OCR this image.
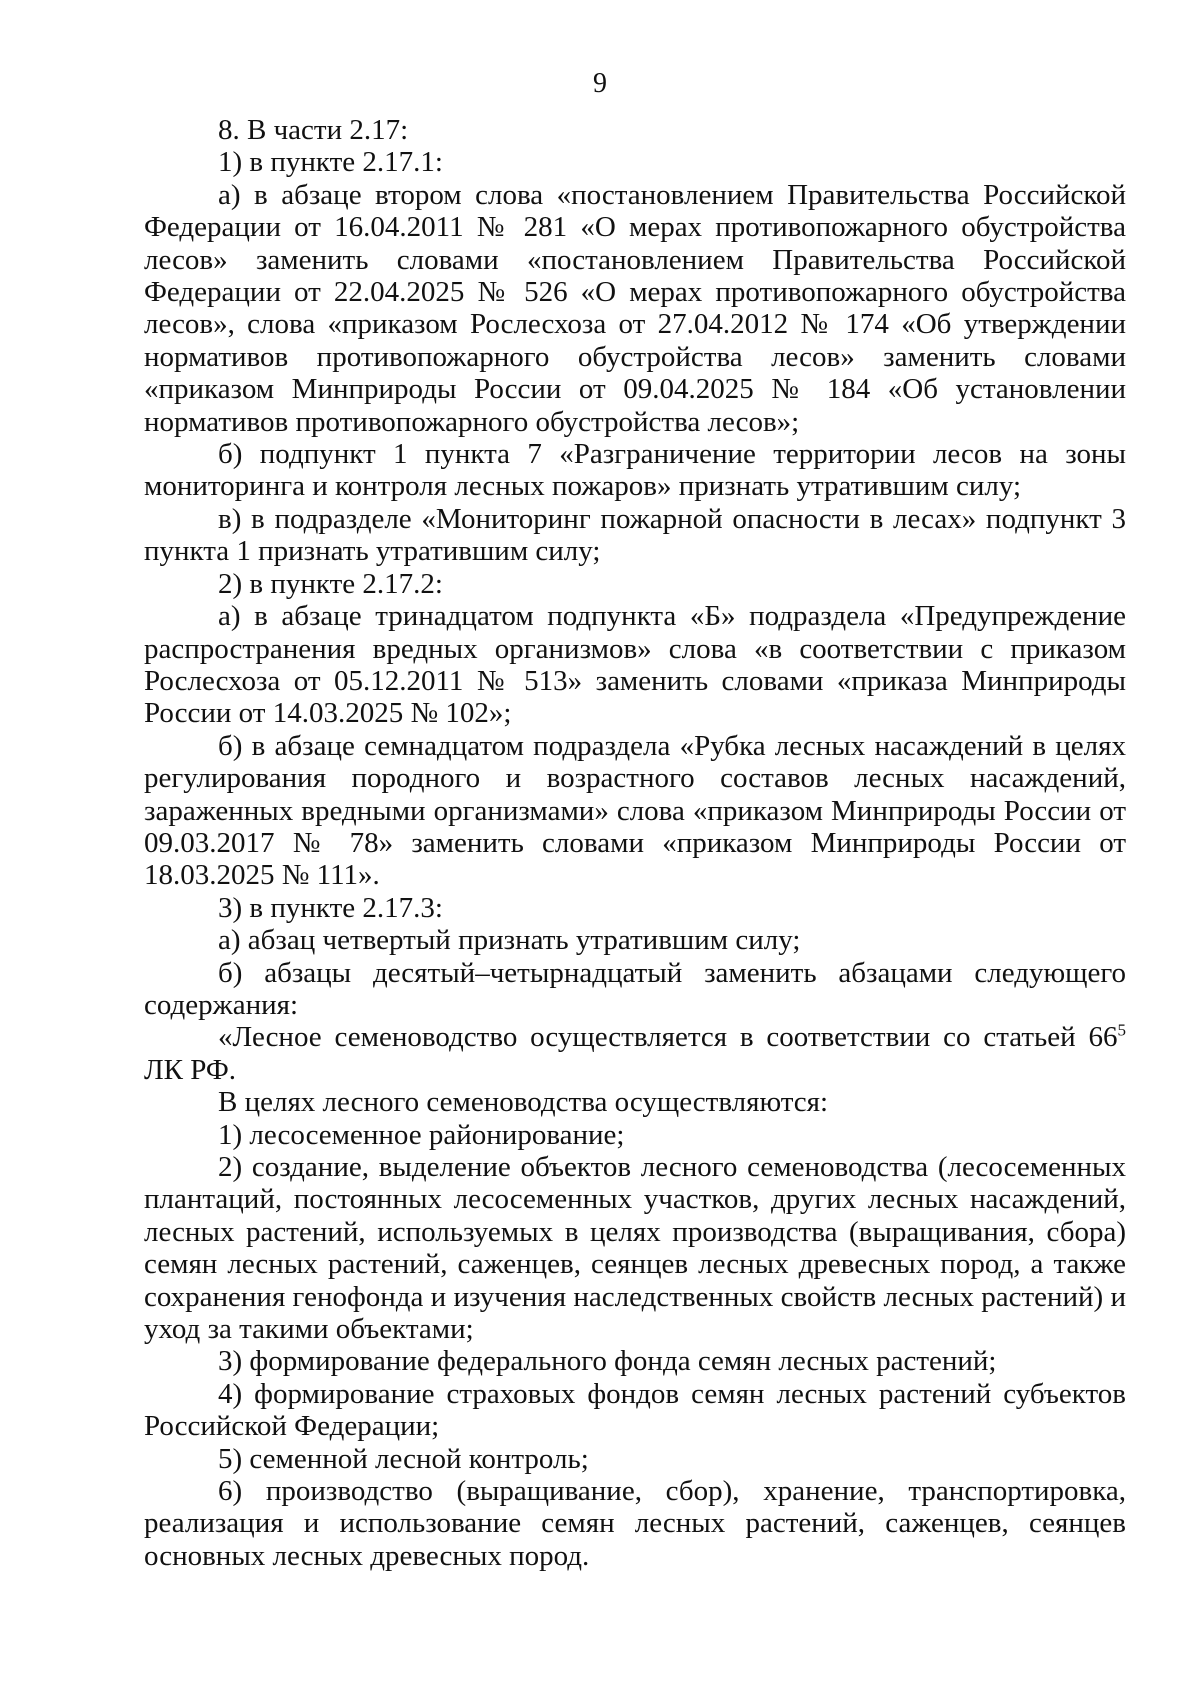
9

8. В части 2.17:

1) в пункте 2.17.1:

а) в абзаце втором слова «постановлением Правительства Российской Федерации от 16.04.2011 № 281 «О мерах противопожарного обустройства лесов» заменить словами «постановлением Правительства Российской Федерации от 22.04.2025 № 526 «О мерах противопожарного обустройства лесов», слова «приказом Рослесхоза от 27.04.2012 № 174 «Об утверждении нормативов противопожарного обустройства лесов» заменить словами «приказом Минприроды России от 09.04.2025 № 184 «Об установлении нормативов противопожарного обустройства лесов»;

б) подпункт 1 пункта 7 «Разграничение территории лесов на зоны мониторинга и контроля лесных пожаров» признать утратившим силу;

в) в подразделе «Мониторинг пожарной опасности в лесах» подпункт 3 пункта 1 признать утратившим силу;

2) в пункте 2.17.2:

а) в абзаце тринадцатом подпункта «Б» подраздела «Предупреждение распространения вредных организмов» слова «в соответствии с приказом Рослесхоза от 05.12.2011 № 513» заменить словами «приказа Минприроды России от 14.03.2025 № 102»;

б) в абзаце семнадцатом подраздела «Рубка лесных насаждений в целях регулирования породного и возрастного составов лесных насаждений, зараженных вредными организмами» слова «приказом Минприроды России от 09.03.2017 № 78» заменить словами «приказом Минприроды России от 18.03.2025 № 111».

3) в пункте 2.17.3:

а) абзац четвертый признать утратившим силу;

б) абзацы десятый–четырнадцатый заменить абзацами следующего содержания:

«Лесное семеноводство осуществляется в соответствии со статьей $66^5$ ЛК РФ.

В целях лесного семеноводства осуществляются:

1) лесосеменное районирование;

2) создание, выделение объектов лесного семеноводства (лесосеменных плантаций, постоянных лесосеменных участков, других лесных насаждений, лесных растений, используемых в целях производства (выращивания, сбора) семян лесных растений, саженцев, сеянцев лесных древесных пород, а также сохранения генофонда и изучения наследственных свойств лесных растений) и уход за такими объектами;

3) формирование федерального фонда семян лесных растений;

4) формирование страховых фондов семян лесных растений субъектов Российской Федерации;

5) семенной лесной контроль;

6) производство (выращивание, сбор), хранение, транспортировка, реализация и использование семян лесных растений, саженцев, сеянцев основных лесных древесных пород.
